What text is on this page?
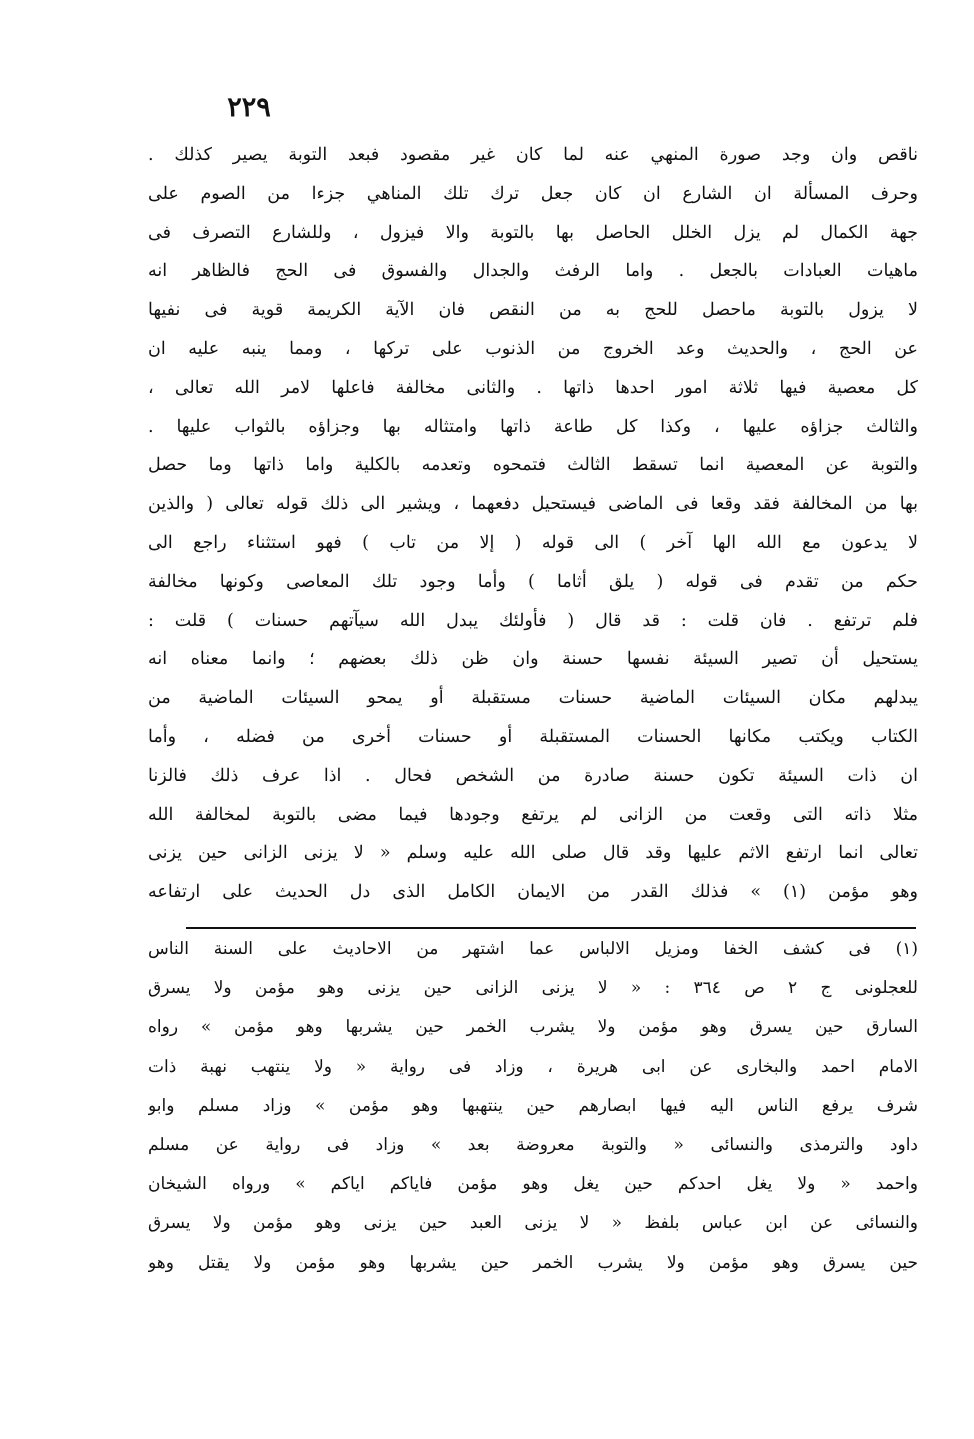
٢٢٩
ناقص وان وجد صورة المنهي عنه لما كان غير مقصود فبعد التوبة يصير كذلك .
وحرف المسألة ان الشارع ان كان جعل ترك تلك المناهي جزءا من الصوم على
جهة الكمال لم يزل الخلل الحاصل بها بالتوبة والا فيزول ، وللشارع التصرف فى
ماهيات العبادات بالجعل . واما الرفث والجدال والفسوق فى الحج فالظاهر انه
لا يزول بالتوبة ماحصل للحج به من النقص فان الآية الكريمة قوية فى نفيها
عن الحج ، والحديث وعد الخروج من الذنوب على تركها ، ومما ينبه عليه ان
كل معصية فيها ثلاثة امور احدها ذاتها . والثانى مخالفة فاعلها لامر الله تعالى ،
والثالث جزاؤه عليها ، وكذا كل طاعة ذاتها وامتثاله بها وجزاؤه بالثواب عليها .
والتوبة عن المعصية انما تسقط الثالث فتمحوه وتعدمه بالكلية واما ذاتها وما حصل
بها من المخالفة فقد وقعا فى الماضى فيستحيل دفعهما ، ويشير الى ذلك قوله تعالى ( والذين
لا يدعون مع الله الها آخر ) الى قوله ( إلا من تاب ) فهو استثناء راجع الى
حكم من تقدم فى قوله ( يلق أثاما ) وأما وجود تلك المعاصى وكونها مخالفة
فلم ترتفع . فان قلت : قد قال ( فأولئك يبدل الله سيآتهم حسنات ) قلت :
يستحيل أن تصير السيئة نفسها حسنة وان ظن ذلك بعضهم ؛ وانما معناه انه
يبدلهم مكان السيئات الماضية حسنات مستقبلة أو يمحو السيئات الماضية من
الكتاب ويكتب مكانها الحسنات المستقبلة أو حسنات أخرى من فضله ، وأما
ان ذات السيئة تكون حسنة صادرة من الشخص فحال . اذا عرف ذلك فالزنا
مثلا ذاته التى وقعت من الزانى لم يرتفع وجودها فيما مضى بالتوبة لمخالفة الله
تعالى انما ارتفع الاثم عليها وقد قال صلى الله عليه وسلم « لا يزنى الزانى حين يزنى
وهو مؤمن (١) » فذلك القدر من الايمان الكامل الذى دل الحديث على ارتفاعه
(١) فى كشف الخفا ومزيل الالباس عما اشتهر من الاحاديث على السنة الناس
للعجلونى ج ٢ ص ٣٦٤ : « لا يزنى الزانى حين يزنى وهو مؤمن ولا يسرق
السارق حين يسرق وهو مؤمن ولا يشرب الخمر حين يشربها وهو مؤمن » رواه
الامام احمد والبخارى عن ابى هريرة ، وزاد فى رواية « ولا ينتهب نهبة ذات
شرف يرفع الناس اليه فيها ابصارهم حين ينتهبها وهو مؤمن » وزاد مسلم وابو
داود والترمذى والنسائى « والتوبة معروضة بعد » وزاد فى رواية عن مسلم
واحمد « ولا يغل احدكم حين يغل وهو مؤمن فاياكم اياكم » ورواه الشيخان
والنسائى عن ابن عباس بلفظ « لا يزنى العبد حين يزنى وهو مؤمن ولا يسرق
حين يسرق وهو مؤمن ولا يشرب الخمر حين يشربها وهو مؤمن ولا يقتل وهو
